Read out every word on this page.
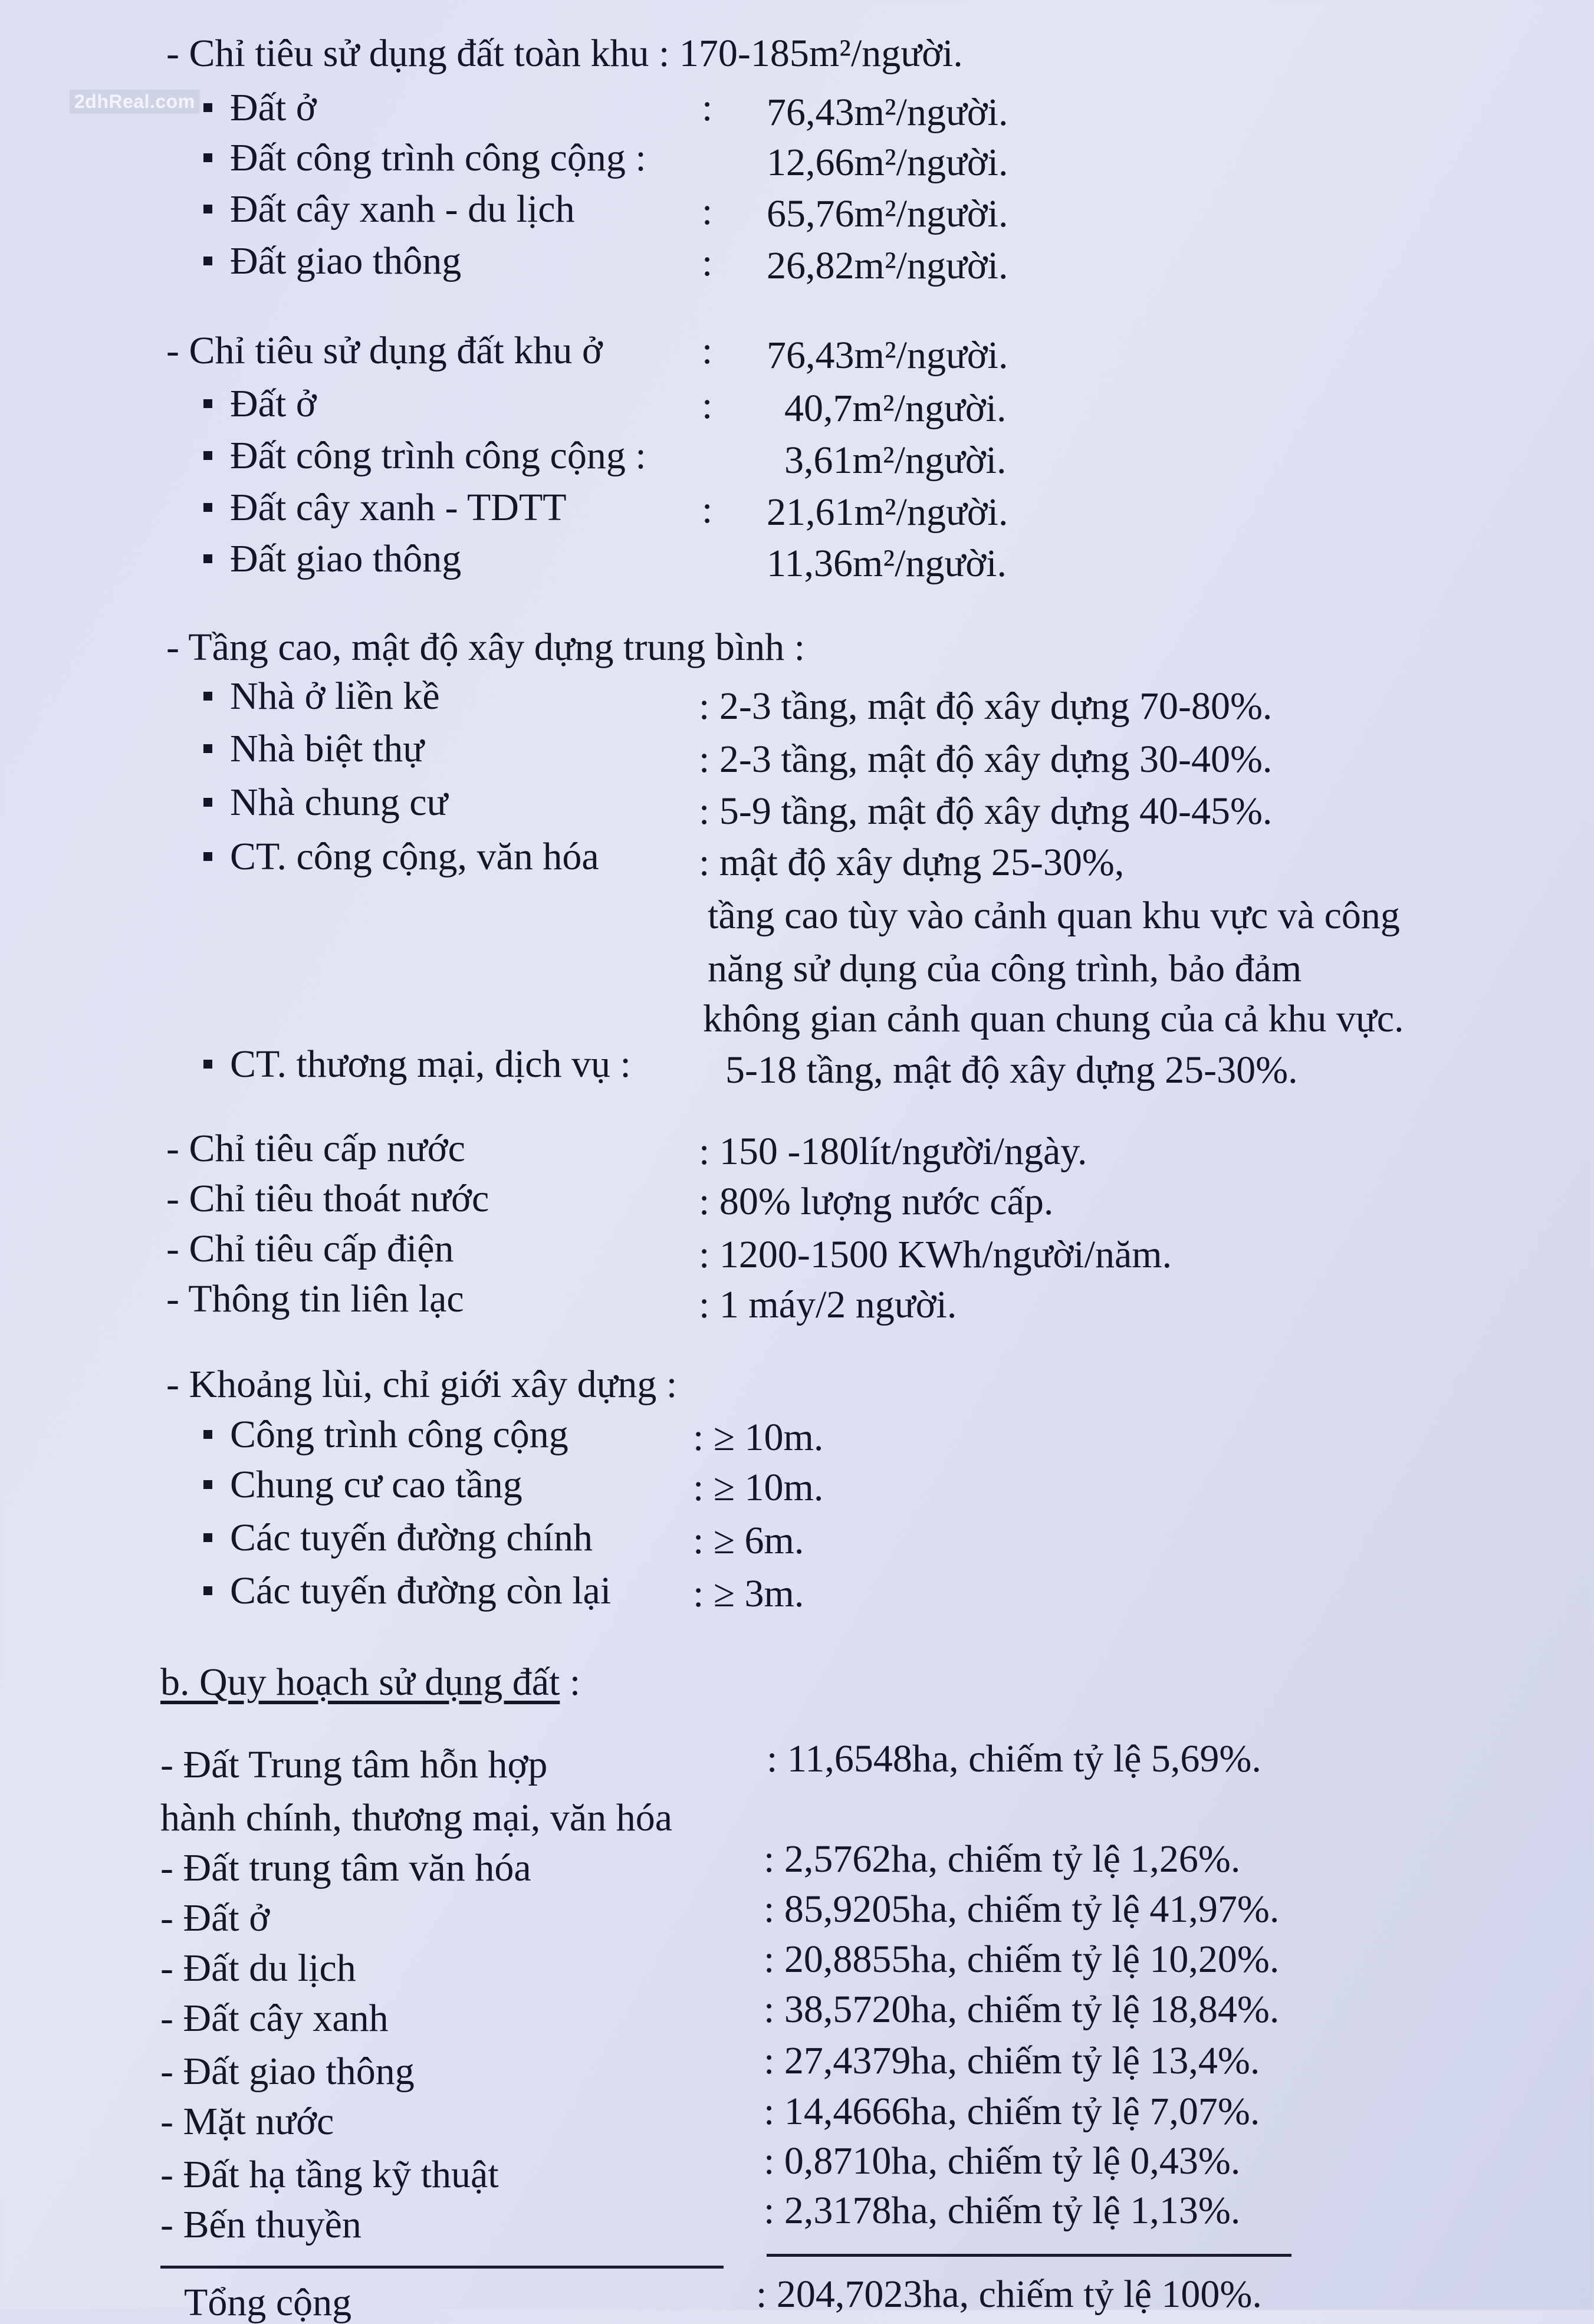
2dhReal.com
- Chỉ tiêu sử dụng đất toàn khu : 170-185m²/người.
Đất ở	: 76,43m²/người.
Đất công trình công cộng :	12,66m²/người.
Đất cây xanh - du lịch	: 65,76m²/người.
Đất giao thông	: 26,82m²/người.
- Chỉ tiêu sử dụng đất khu ở	: 76,43m²/người.
Đất ở	: 40,7m²/người.
Đất công trình công cộng :	3,61m²/người.
Đất cây xanh - TDTT	: 21,61m²/người.
Đất giao thông	11,36m²/người.
- Tầng cao, mật độ xây dựng trung bình :
Nhà ở liền kề	: 2-3 tầng, mật độ xây dựng 70-80%.
Nhà biệt thự	: 2-3 tầng, mật độ xây dựng 30-40%.
Nhà chung cư	: 5-9 tầng, mật độ xây dựng 40-45%.
CT. công cộng, văn hóa	: mật độ xây dựng 25-30%,
tầng cao tùy vào cảnh quan khu vực và công
năng sử dụng của công trình, bảo đảm
không gian cảnh quan chung của cả khu vực.
CT. thương mại, dịch vụ : 5-18 tầng, mật độ xây dựng 25-30%.
- Chỉ tiêu cấp nước	: 150 -180lít/người/ngày.
- Chỉ tiêu thoát nước	: 80% lượng nước cấp.
- Chỉ tiêu cấp điện	: 1200-1500 KWh/người/năm.
- Thông tin liên lạc	: 1 máy/2 người.
- Khoảng lùi, chỉ giới xây dựng :
Công trình công cộng	: ≥ 10m.
Chung cư cao tầng	: ≥ 10m.
Các tuyến đường chính	: ≥ 6m.
Các tuyến đường còn lại : ≥ 3m.
b. Quy hoạch sử dụng đất :
- Đất Trung tâm hỗn hợp	: 11,6548ha, chiếm tỷ lệ 5,69%.
hành chính, thương mại, văn hóa
- Đất trung tâm văn hóa	: 2,5762ha, chiếm tỷ lệ 1,26%.
- Đất ở	: 85,9205ha, chiếm tỷ lệ 41,97%.
- Đất du lịch	: 20,8855ha, chiếm tỷ lệ 10,20%.
- Đất cây xanh	: 38,5720ha, chiếm tỷ lệ 18,84%.
- Đất giao thông	: 27,4379ha, chiếm tỷ lệ 13,4%.
- Mặt nước	: 14,4666ha, chiếm tỷ lệ 7,07%.
- Đất hạ tầng kỹ thuật	: 0,8710ha, chiếm tỷ lệ 0,43%.
- Bến thuyền	: 2,3178ha, chiếm tỷ lệ 1,13%.
Tổng cộng	: 204,7023ha, chiếm tỷ lệ 100%.
